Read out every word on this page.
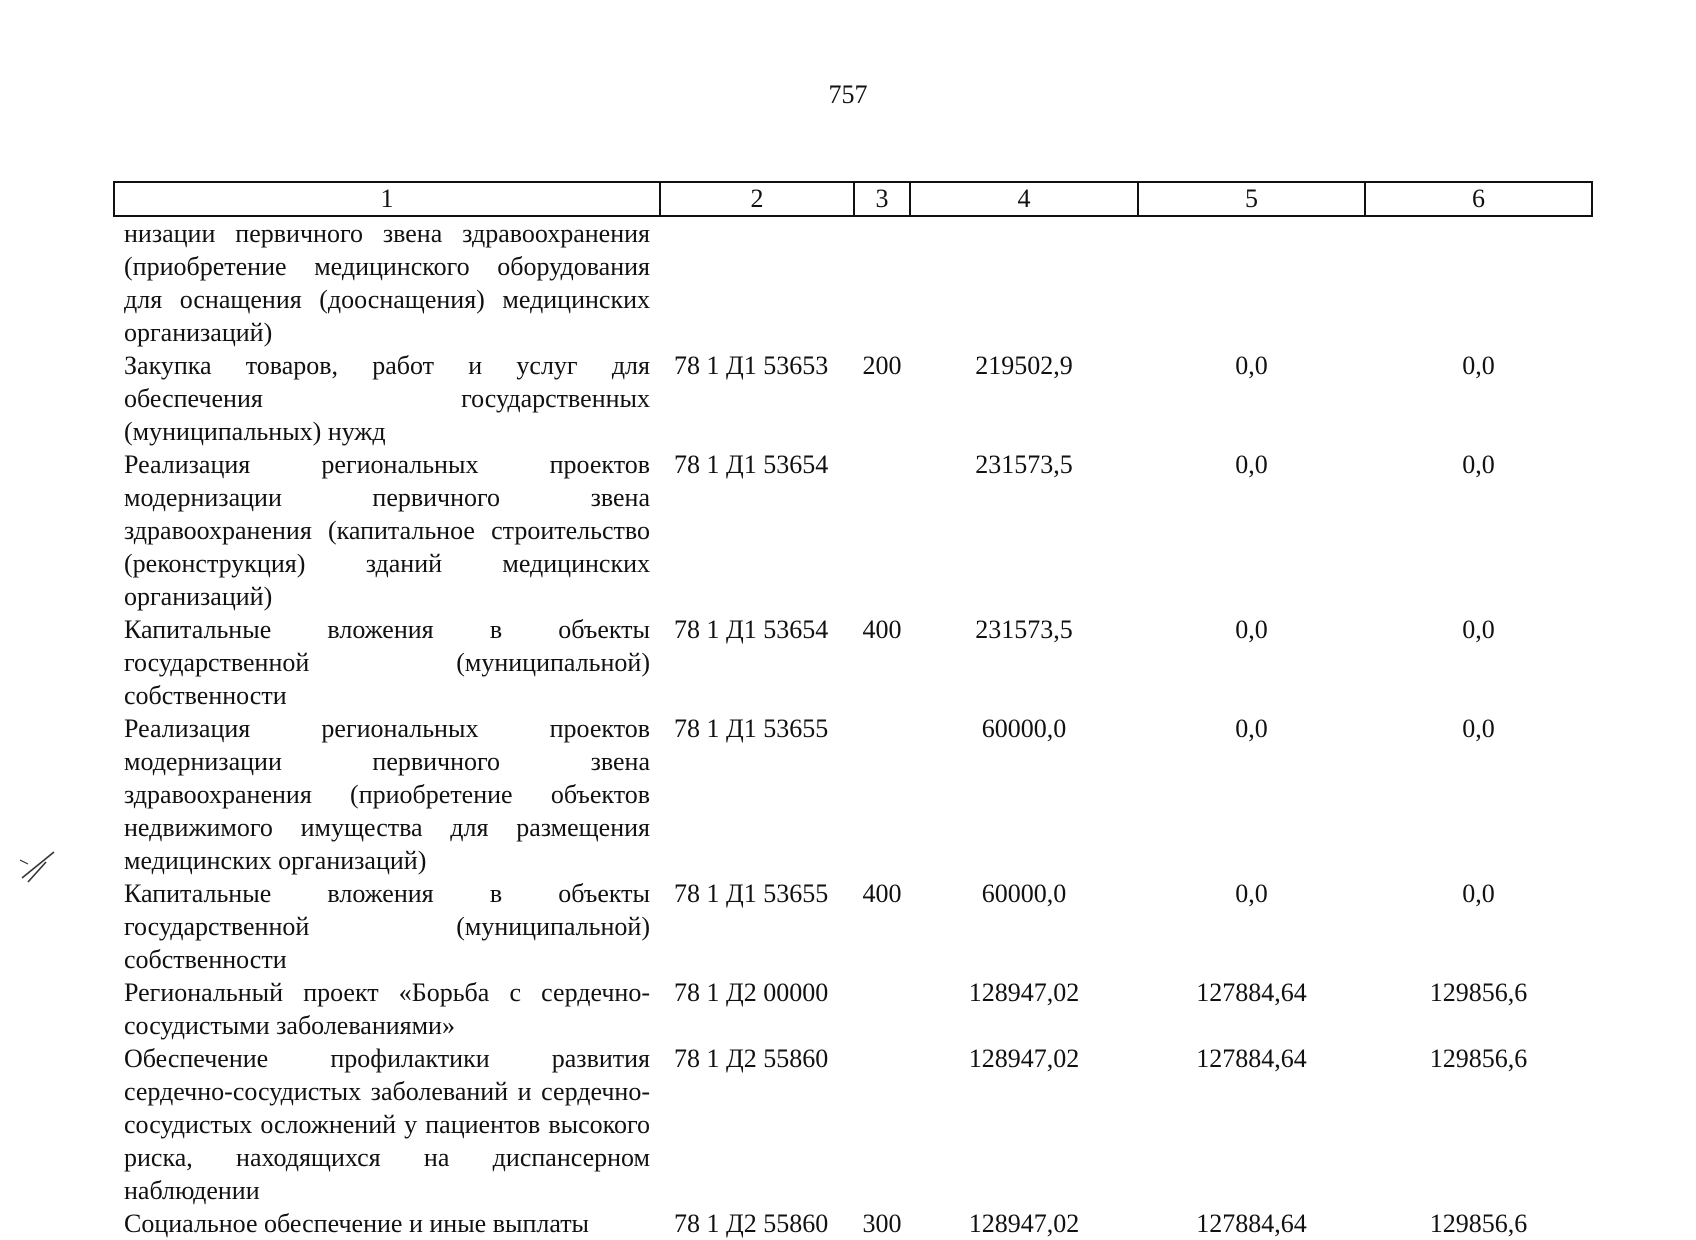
757
1	2	3	4	5	6
низации первичного звена здравоохранения (приобретение медицинского оборудования для оснащения (дооснащения) медицинских организаций)					
Закупка товаров, работ и услуг для обеспечения государственных (муниципальных) нужд	78 1 Д1 53653	200	219502,9	0,0	0,0
Реализация региональных проектов модернизации первичного звена здравоохранения (капитальное строительство (реконструкция) зданий медицинских организаций)	78 1 Д1 53654		231573,5	0,0	0,0
Капитальные вложения в объекты государственной (муниципальной) собственности	78 1 Д1 53654	400	231573,5	0,0	0,0
Реализация региональных проектов модернизации первичного звена здравоохранения (приобретение объектов недвижимого имущества для размещения медицинских организаций)	78 1 Д1 53655		60000,0	0,0	0,0
Капитальные вложения в объекты государственной (муниципальной) собственности	78 1 Д1 53655	400	60000,0	0,0	0,0
Региональный проект «Борьба с сердечно-сосудистыми заболеваниями»	78 1 Д2 00000		128947,02	127884,64	129856,6
Обеспечение профилактики развития сердечно-сосудистых заболеваний и сердечно-сосудистых осложнений у пациентов высокого риска, находящихся на диспансерном наблюдении	78 1 Д2 55860		128947,02	127884,64	129856,6
Социальное обеспечение и иные выплаты	78 1 Д2 55860	300	128947,02	127884,64	129856,6
